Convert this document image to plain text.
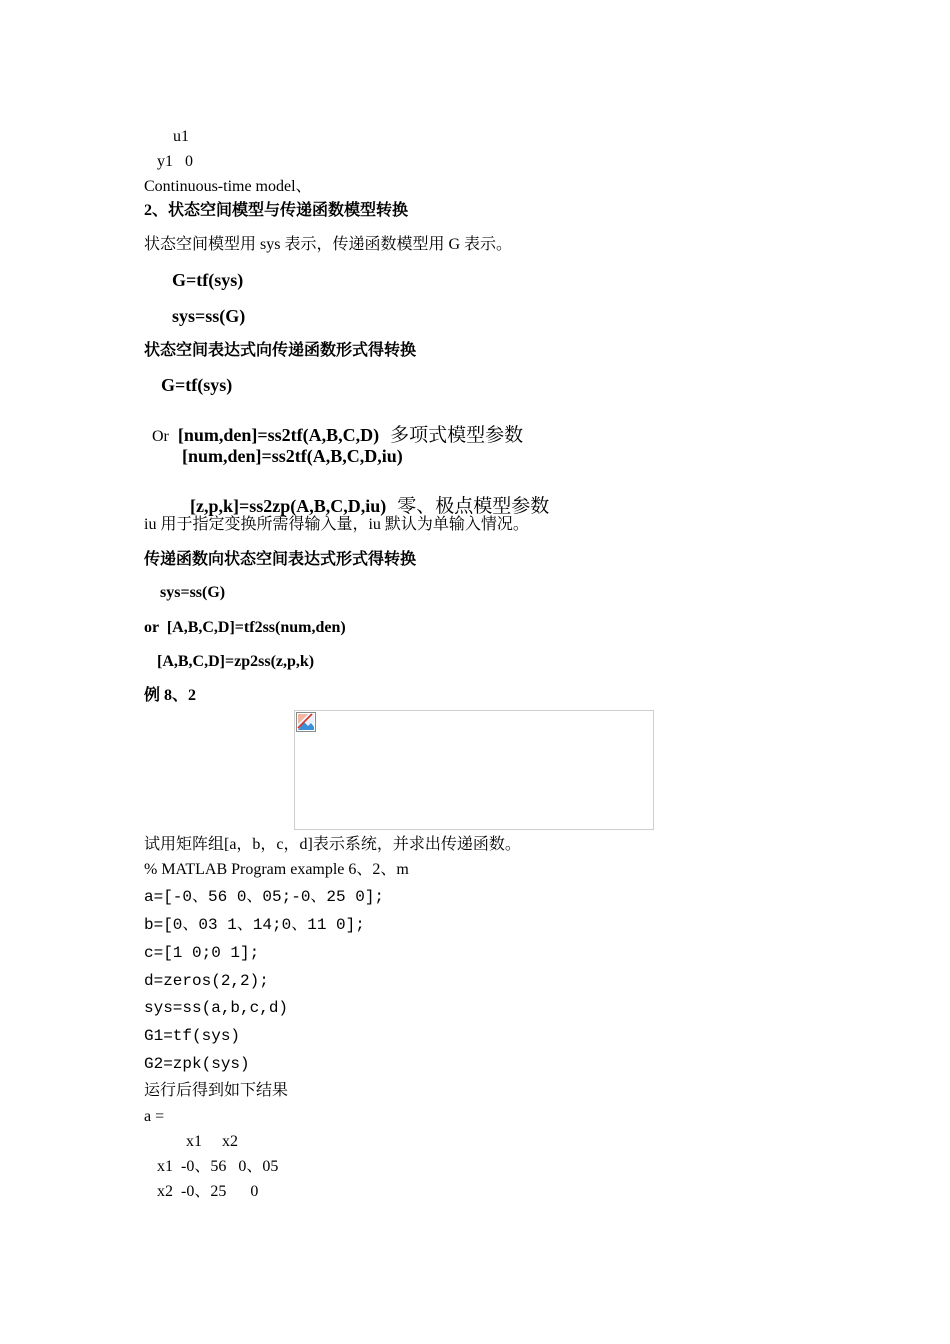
u1
y1   0
Continuous-time model、
2、状态空间模型与传递函数模型转换
状态空间模型用 sys 表示，传递函数模型用 G 表示。
G=tf(sys)
sys=ss(G)
状态空间表达式向传递函数形式得转换
G=tf(sys)

Or [num,den]=ss2tf(A,B,C,D) 多项式模型参数

[num,den]=ss2tf(A,B,C,D,iu)

[z,p,k]=ss2zp(A,B,C,D,iu) 零、极点模型参数

iu 用于指定变换所需得输入量，iu 默认为单输入情况。
传递函数向状态空间表达式形式得转换
sys=ss(G)
or  [A,B,C,D]=tf2ss(num,den)
[A,B,C,D]=zp2ss(z,p,k)
例 8、2
试用矩阵组[a，b，c，d]表示系统，并求出传递函数。
% MATLAB Program example 6、2、m
a=[-0、56 0、05;-0、25 0];
b=[0、03 1、14;0、11 0];
c=[1 0;0 1];
d=zeros(2,2);
sys=ss(a,b,c,d)
G1=tf(sys)
G2=zpk(sys)
运行后得到如下结果
a =
x1     x2
x1  -0、56   0、05
x2  -0、25      0
